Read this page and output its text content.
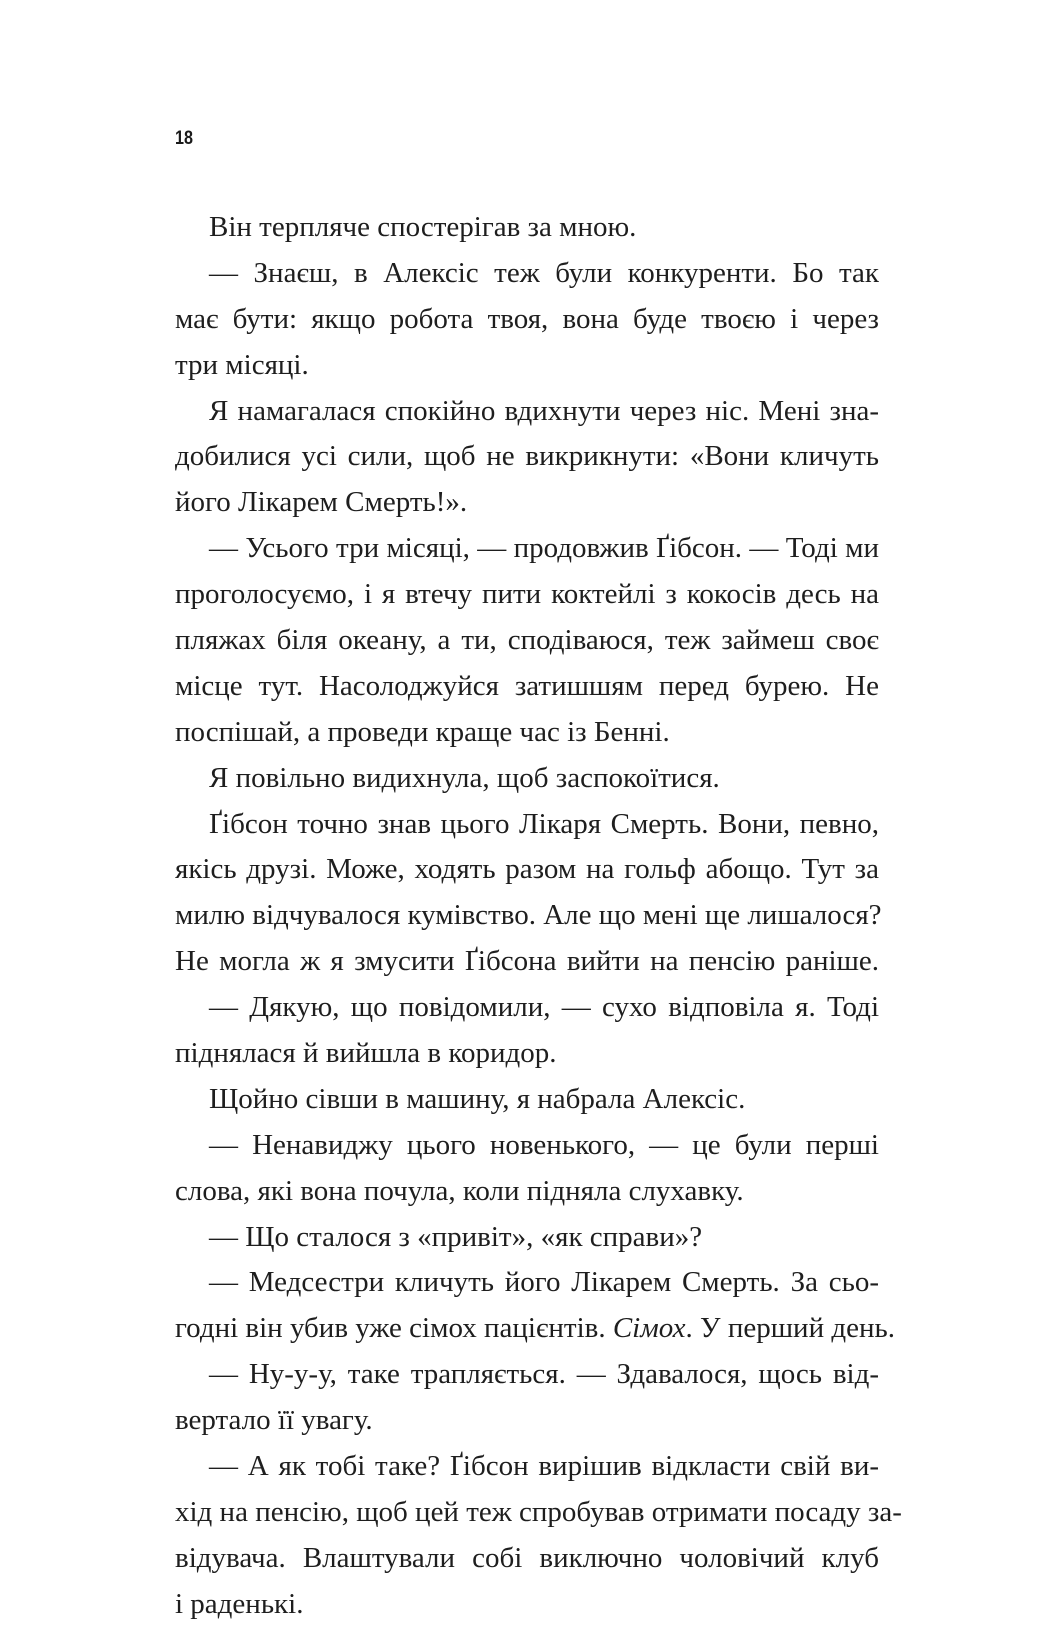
18
Він терпляче спостерігав за мною.
— Знаєш, в Алексіс теж були конкуренти. Бо так
має бути: якщо робота твоя, вона буде твоєю і через
три місяці.
Я намагалася спокійно вдихнути через ніс. Мені зна-
добилися усі сили, щоб не викрикнути: «Вони кличуть
його Лікарем Смерть!».
— Усього три місяці, — продовжив Ґібсон. — Тоді ми
проголосуємо, і я втечу пити коктейлі з кокосів десь на
пляжах біля океану, а ти, сподіваюся, теж займеш своє
місце тут. Насолоджуйся затишшям перед бурею. Не
поспішай, а проведи краще час із Бенні.
Я повільно видихнула, щоб заспокоїтися.
Ґібсон точно знав цього Лікаря Смерть. Вони, певно,
якісь друзі. Може, ходять разом на гольф абощо. Тут за
милю відчувалося кумівство. Але що мені ще лишалося?
Не могла ж я змусити Ґібсона вийти на пенсію раніше.
— Дякую, що повідомили, — сухо відповіла я. Тоді
піднялася й вийшла в коридор.
Щойно сівши в машину, я набрала Алексіс.
— Ненавиджу цього новенького, — це були перші
слова, які вона почула, коли підняла слухавку.
— Що сталося з «привіт», «як справи»?
— Медсестри кличуть його Лікарем Смерть. За сьо-
годні він убив уже сімох пацієнтів. Сімох. У перший день.
— Ну-у-у, таке трапляється. — Здавалося, щось від-
вертало її увагу.
— А як тобі таке? Ґібсон вирішив відкласти свій ви-
хід на пенсію, щоб цей теж спробував отримати посаду за-
відувача. Влаштували собі виключно чоловічий клуб
і раденькі.
